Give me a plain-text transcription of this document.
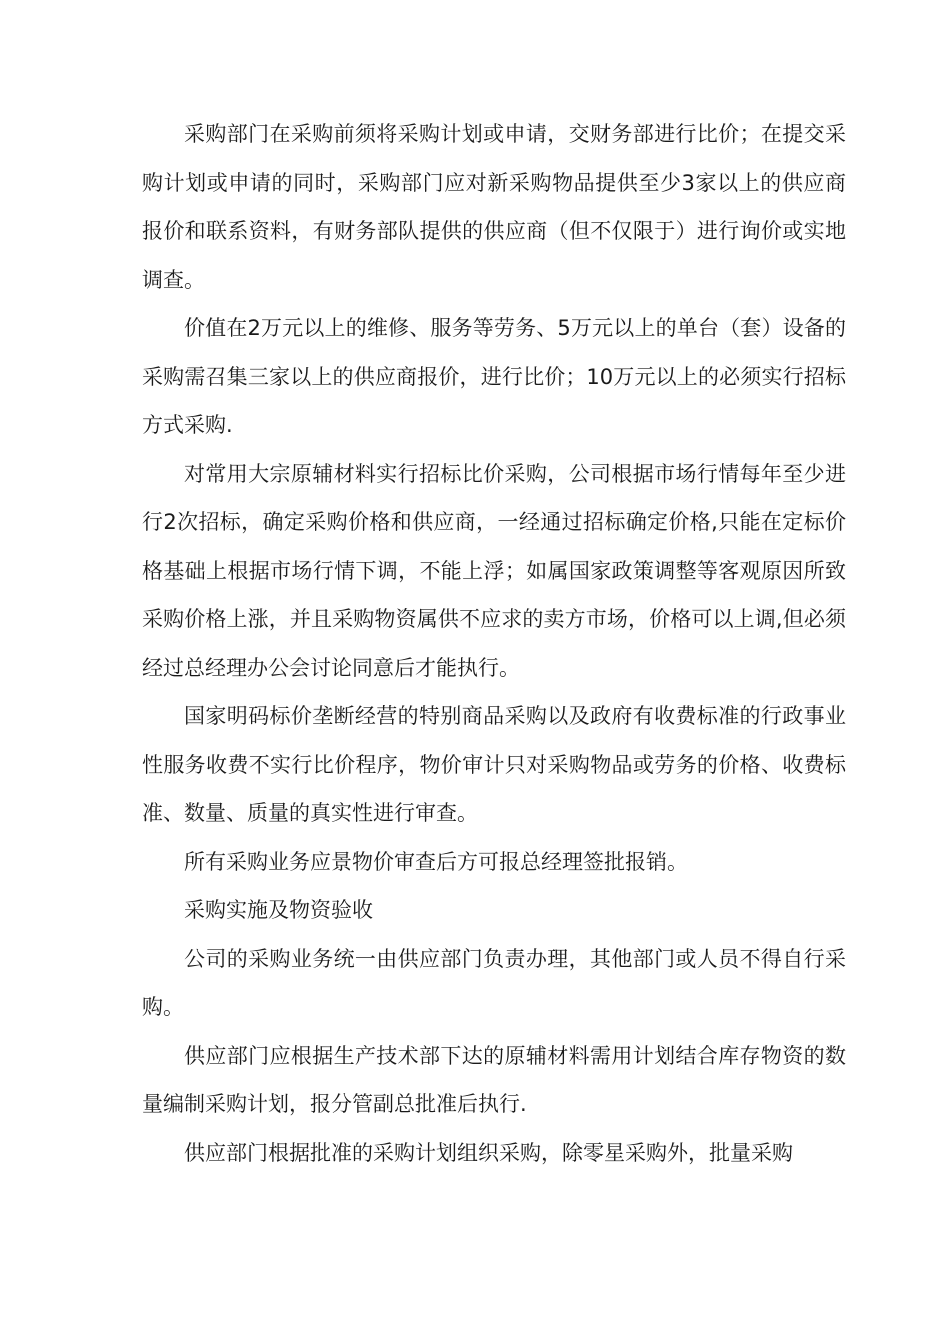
采购部门在采购前须将采购计划或申请，交财务部进行比价；在提交采购计划或申请的同时，采购部门应对新采购物品提供至少3家以上的供应商报价和联系资料，有财务部队提供的供应商（但不仅限于）进行询价或实地调查。

价值在2万元以上的维修、服务等劳务、5万元以上的单台（套）设备的采购需召集三家以上的供应商报价，进行比价；10万元以上的必须实行招标方式采购.

对常用大宗原辅材料实行招标比价采购，公司根据市场行情每年至少进行2次招标，确定采购价格和供应商，一经通过招标确定价格,只能在定标价格基础上根据市场行情下调，不能上浮；如属国家政策调整等客观原因所致采购价格上涨，并且采购物资属供不应求的卖方市场，价格可以上调,但必须经过总经理办公会讨论同意后才能执行。

国家明码标价垄断经营的特别商品采购以及政府有收费标准的行政事业性服务收费不实行比价程序，物价审计只对采购物品或劳务的价格、收费标准、数量、质量的真实性进行审查。

所有采购业务应景物价审查后方可报总经理签批报销。

采购实施及物资验收

公司的采购业务统一由供应部门负责办理，其他部门或人员不得自行采购。

供应部门应根据生产技术部下达的原辅材料需用计划结合库存物资的数量编制采购计划，报分管副总批准后执行.

供应部门根据批准的采购计划组织采购，除零星采购外，批量采购
